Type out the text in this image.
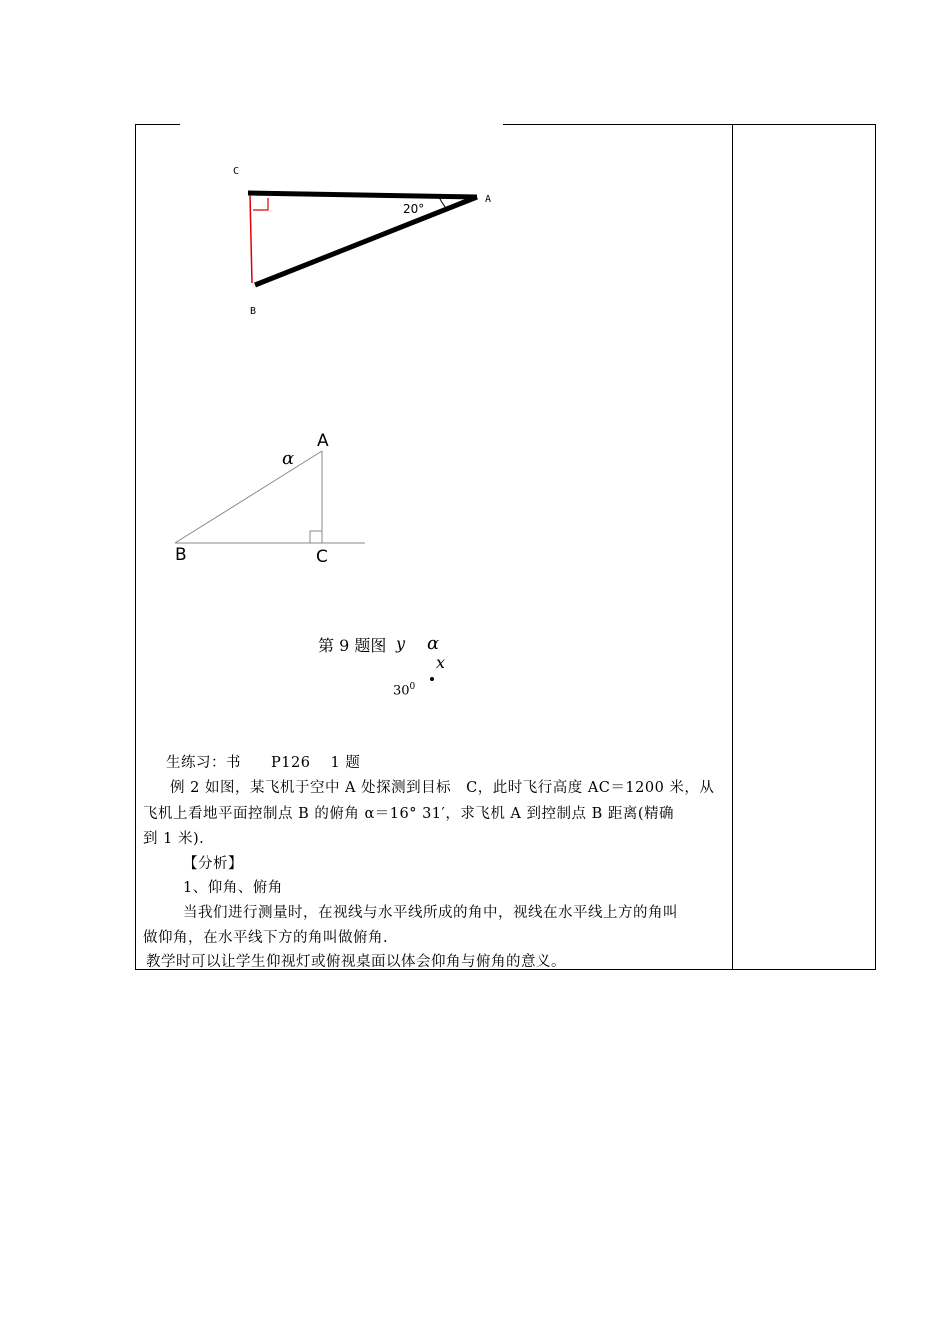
C
A
B
20°
A
B	C
α
第 9 题图 y α
x
$30^0$
生练习：书　　P126　 1 题
例 2 如图，某飞机于空中 A 处探测到目标　C，此时飞行高度 AC＝1200 米，从
飞机上看地平面控制点 B 的俯角 α＝16° 31′，求飞机 A 到控制点 B 距离(精确
到 1 米).
【分析】
1、仰角、俯角
当我们进行测量时，在视线与水平线所成的角中，视线在水平线上方的角叫
做仰角，在水平线下方的角叫做俯角.
教学时可以让学生仰视灯或俯视桌面以体会仰角与俯角的意义。
